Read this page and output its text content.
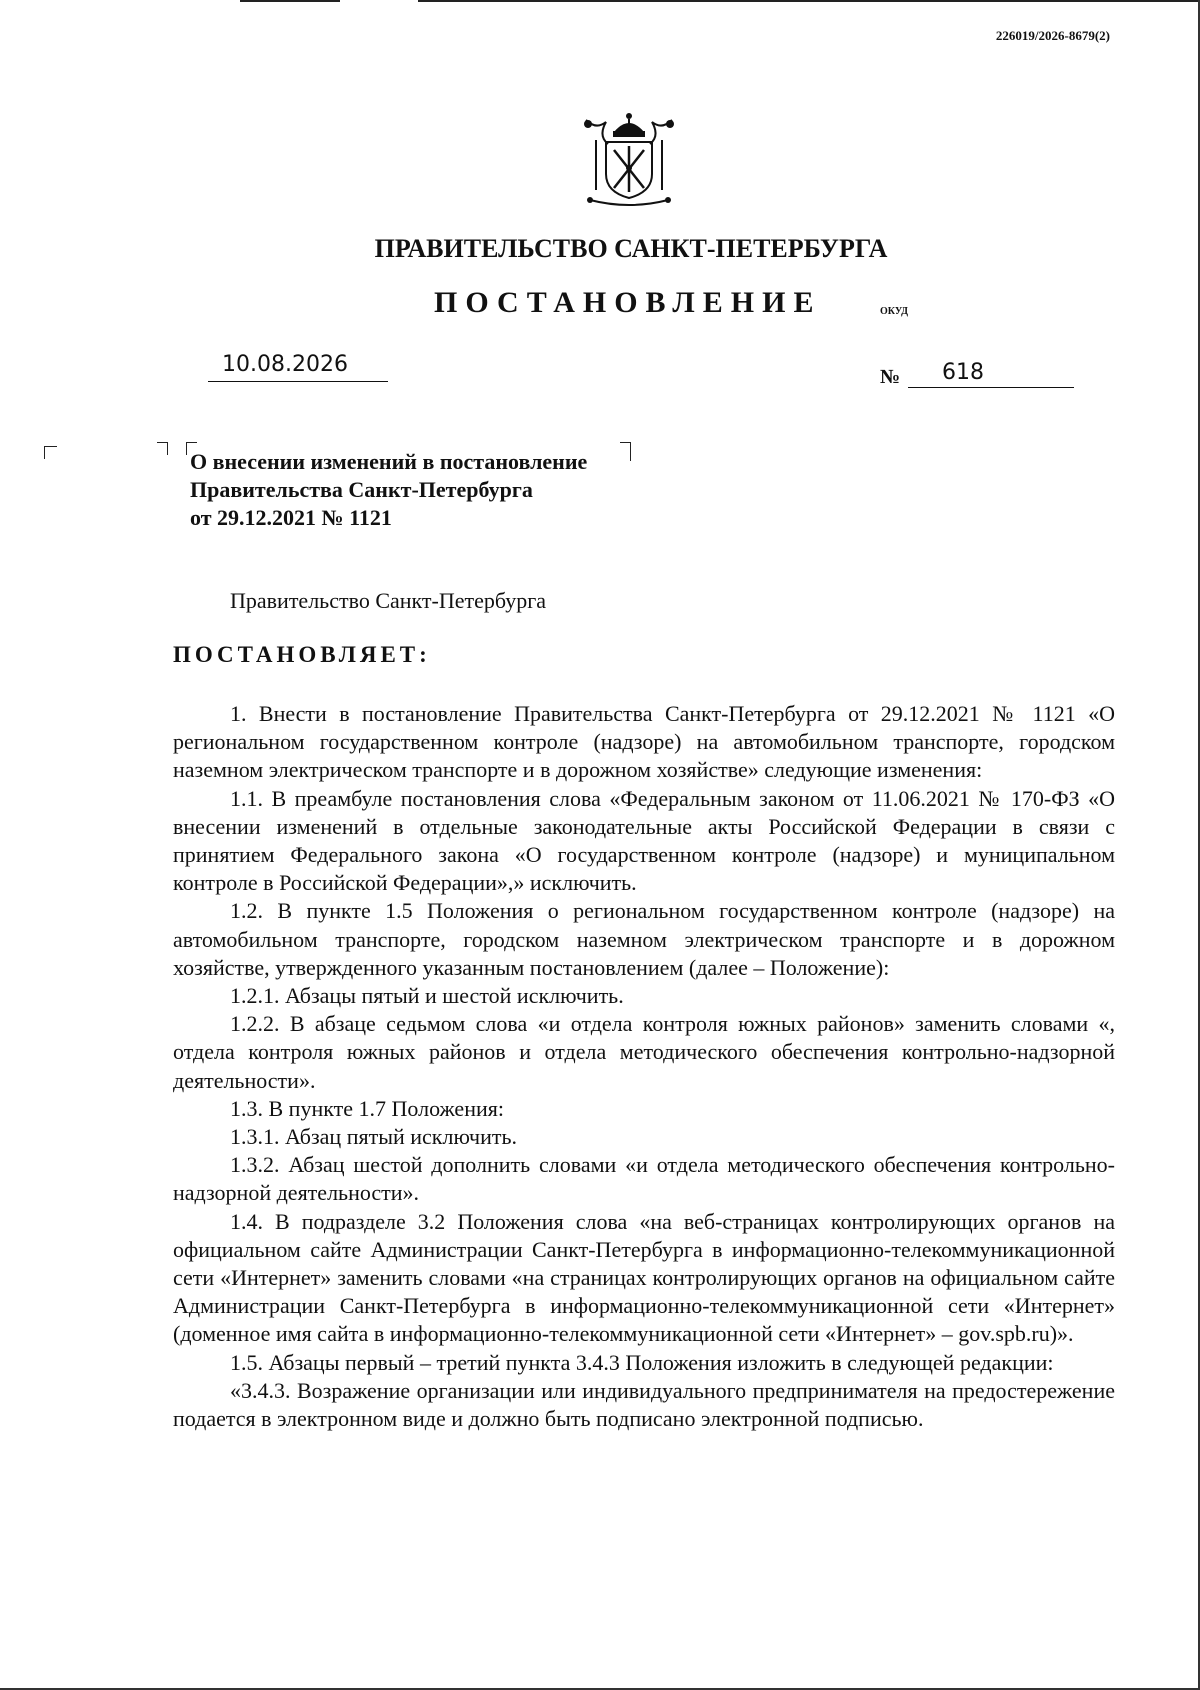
226019/2026-8679(2)
ПРАВИТЕЛЬСТВО САНКТ-ПЕТЕРБУРГА
ПОСТАНОВЛЕНИЕ	ОКУД
10.08.2026	№	618
О внесении изменений в постановление
Правительства Санкт-Петербурга
от 29.12.2021 № 1121
Правительство Санкт-Петербурга
ПОСТАНОВЛЯЕТ:

1. Внести в постановление Правительства Санкт-Петербурга от 29.12.2021 № 1121 «О региональном государственном контроле (надзоре) на автомобильном транспорте, городском наземном электрическом транспорте и в дорожном хозяйстве» следующие изменения:

1.1. В преамбуле постановления слова «Федеральным законом от 11.06.2021 № 170-ФЗ «О внесении изменений в отдельные законодательные акты Российской Федерации в связи с принятием Федерального закона «О государственном контроле (надзоре) и муниципальном контроле в Российской Федерации»,» исключить.

1.2. В пункте 1.5 Положения о региональном государственном контроле (надзоре) на автомобильном транспорте, городском наземном электрическом транспорте и в дорожном хозяйстве, утвержденного указанным постановлением (далее – Положение):

1.2.1. Абзацы пятый и шестой исключить.

1.2.2. В абзаце седьмом слова «и отдела контроля южных районов» заменить словами «, отдела контроля южных районов и отдела методического обеспечения контрольно-надзорной деятельности».

1.3. В пункте 1.7 Положения:

1.3.1. Абзац пятый исключить.

1.3.2. Абзац шестой дополнить словами «и отдела методического обеспечения контрольно-надзорной деятельности».

1.4. В подразделе 3.2 Положения слова «на веб-страницах контролирующих органов на официальном сайте Администрации Санкт-Петербурга в информационно-телекоммуникационной сети «Интернет» заменить словами «на страницах контролирующих органов на официальном сайте Администрации Санкт-Петербурга в информационно-телекоммуникационной сети «Интернет» (доменное имя сайта в информационно-телекоммуникационной сети «Интернет» – gov.spb.ru)».

1.5. Абзацы первый – третий пункта 3.4.3 Положения изложить в следующей редакции:

«3.4.3. Возражение организации или индивидуального предпринимателя на предостережение подается в электронном виде и должно быть подписано электронной подписью.
